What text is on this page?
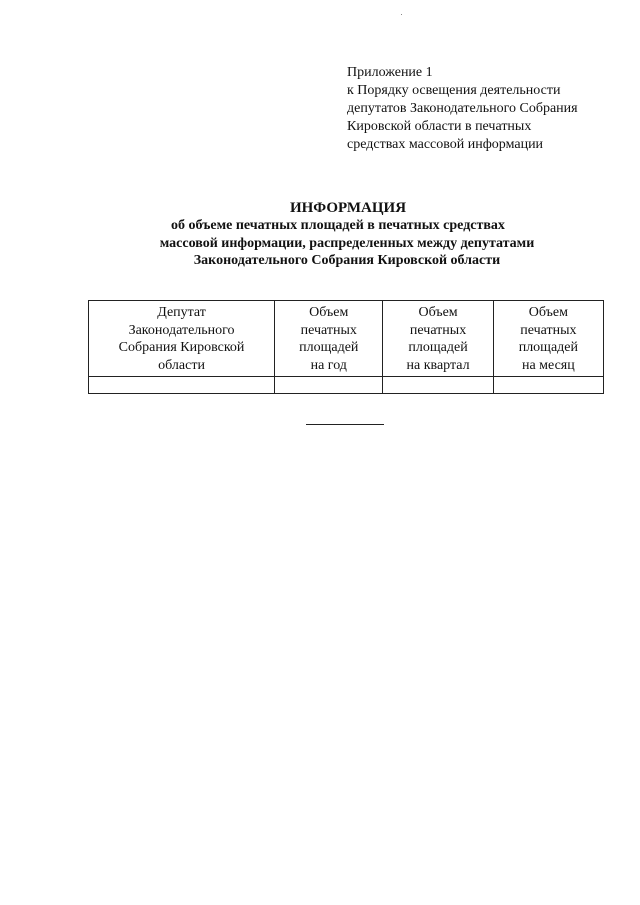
Приложение 1
к Порядку освещения деятельности
депутатов Законодательного Собрания
Кировской области в печатных
средствах массовой информации
ИНФОРМАЦИЯ
об объеме печатных площадей в печатных средствах
массовой информации, распределенных между депутатами
Законодательного Собрания Кировской области
Депутат
Законодательного
Собрания Кировской
области	Объем
печатных
площадей
на год	Объем
печатных
площадей
на квартал	Объем
печатных
площадей
на месяц
